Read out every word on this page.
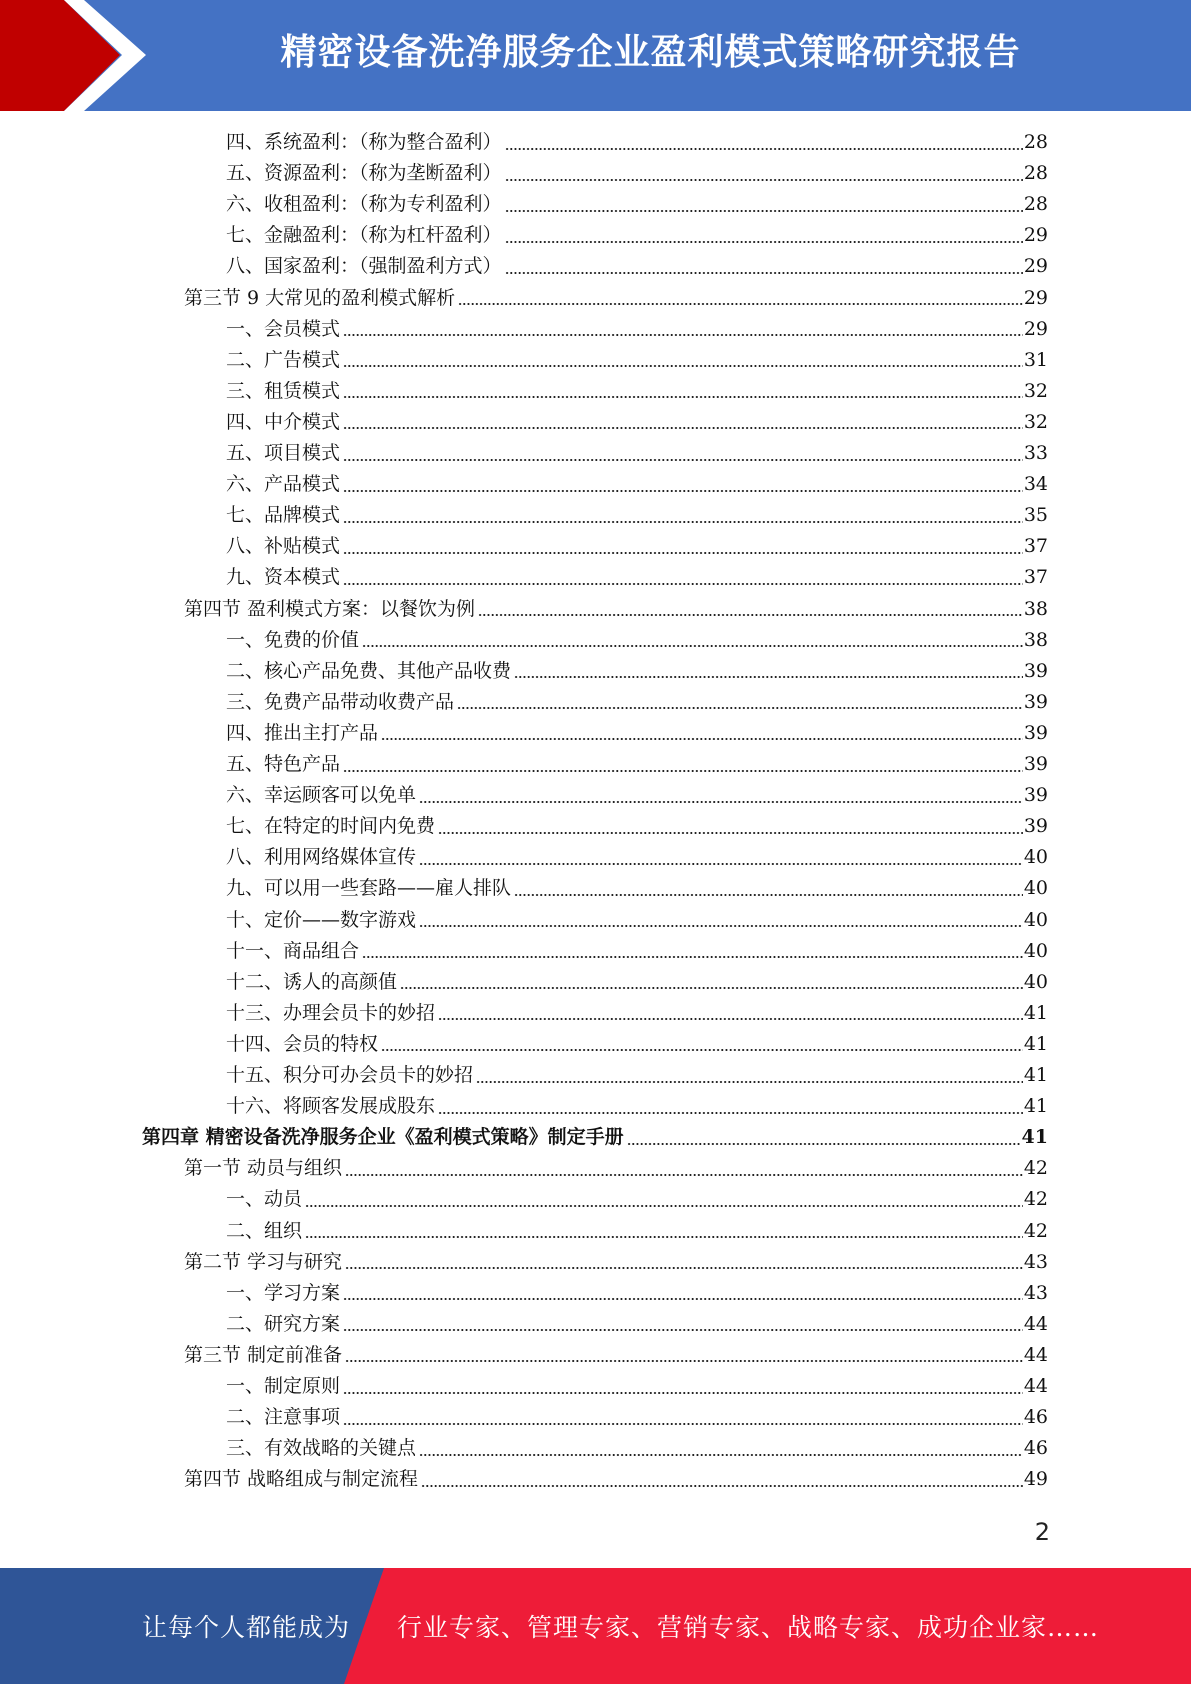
精密设备洗净服务企业盈利模式策略研究报告
四、系统盈利：（称为整合盈利）	28
五、资源盈利：（称为垄断盈利）	28
六、收租盈利：（称为专利盈利）	28
七、金融盈利：（称为杠杆盈利）	29
八、国家盈利：（强制盈利方式）	29
第三节 9 大常见的盈利模式解析	29
一、会员模式	29
二、广告模式	31
三、租赁模式	32
四、中介模式	32
五、项目模式	33
六、产品模式	34
七、品牌模式	35
八、补贴模式	37
九、资本模式	37
第四节 盈利模式方案：以餐饮为例	38
一、免费的价值	38
二、核心产品免费、其他产品收费	39
三、免费产品带动收费产品	39
四、推出主打产品	39
五、特色产品	39
六、幸运顾客可以免单	39
七、在特定的时间内免费	39
八、利用网络媒体宣传	40
九、可以用一些套路——雇人排队	40
十、定价——数字游戏	40
十一、商品组合	40
十二、诱人的高颜值	40
十三、办理会员卡的妙招	41
十四、会员的特权	41
十五、积分可办会员卡的妙招	41
十六、将顾客发展成股东	41
第四章 精密设备洗净服务企业《盈利模式策略》制定手册	41
第一节 动员与组织	42
一、动员	42
二、组织	42
第二节 学习与研究	43
一、学习方案	43
二、研究方案	44
第三节 制定前准备	44
一、制定原则	44
二、注意事项	46
三、有效战略的关键点	46
第四节 战略组成与制定流程	49
2
让每个人都能成为 行业专家、管理专家、营销专家、战略专家、成功企业家……
